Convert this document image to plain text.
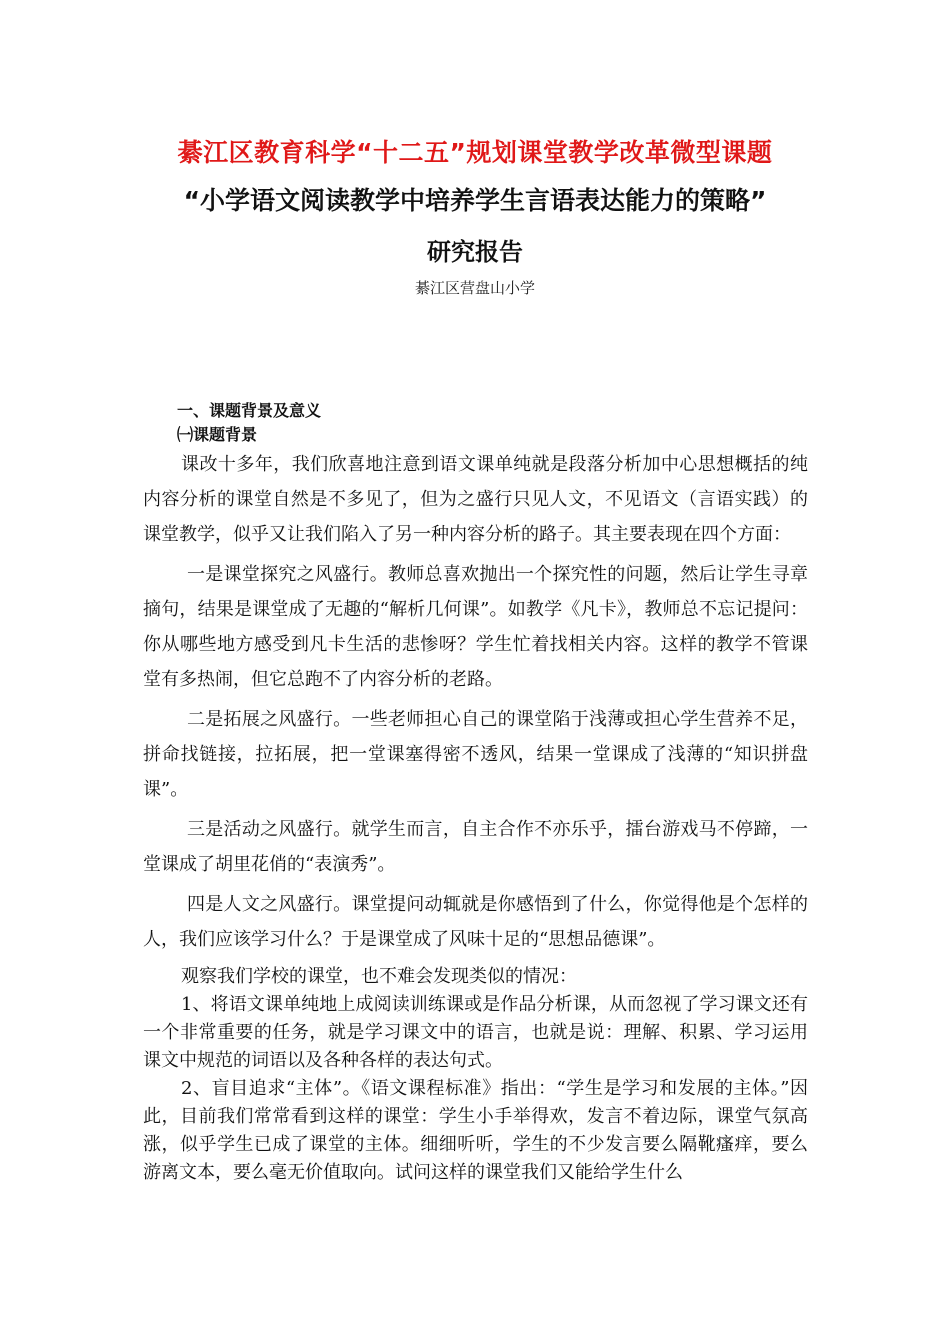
綦江区教育科学“十二五”规划课堂教学改革微型课题
“小学语文阅读教学中培养学生言语表达能力的策略”
研究报告
綦江区营盘山小学
一、课题背景及意义
㈠课题背景

课改十多年，我们欣喜地注意到语文课单纯就是段落分析加中心思想概括的纯内容分析的课堂自然是不多见了，但为之盛行只见人文，不见语文（言语实践）的课堂教学，似乎又让我们陷入了另一种内容分析的路子。其主要表现在四个方面：

一是课堂探究之风盛行。教师总喜欢抛出一个探究性的问题，然后让学生寻章摘句，结果是课堂成了无趣的“解析几何课”。如教学《凡卡》，教师总不忘记提问：你从哪些地方感受到凡卡生活的悲惨呀？学生忙着找相关内容。这样的教学不管课堂有多热闹，但它总跑不了内容分析的老路。

二是拓展之风盛行。一些老师担心自己的课堂陷于浅薄或担心学生营养不足，拼命找链接，拉拓展，把一堂课塞得密不透风，结果一堂课成了浅薄的“知识拼盘课”。

三是活动之风盛行。就学生而言，自主合作不亦乐乎，擂台游戏马不停蹄，一堂课成了胡里花俏的“表演秀”。

四是人文之风盛行。课堂提问动辄就是你感悟到了什么，你觉得他是个怎样的人，我们应该学习什么？于是课堂成了风味十足的“思想品德课”。

观察我们学校的课堂，也不难会发现类似的情况：

1、将语文课单纯地上成阅读训练课或是作品分析课，从而忽视了学习课文还有一个非常重要的任务，就是学习课文中的语言，也就是说：理解、积累、学习运用课文中规范的词语以及各种各样的表达句式。

2、盲目追求“主体”。《语文课程标准》指出：“学生是学习和发展的主体。”因此，目前我们常常看到这样的课堂：学生小手举得欢，发言不着边际，课堂气氛高涨，似乎学生已成了课堂的主体。细细听听，学生的不少发言要么隔靴瘙痒，要么游离文本，要么毫无价值取向。试问这样的课堂我们又能给学生什么
